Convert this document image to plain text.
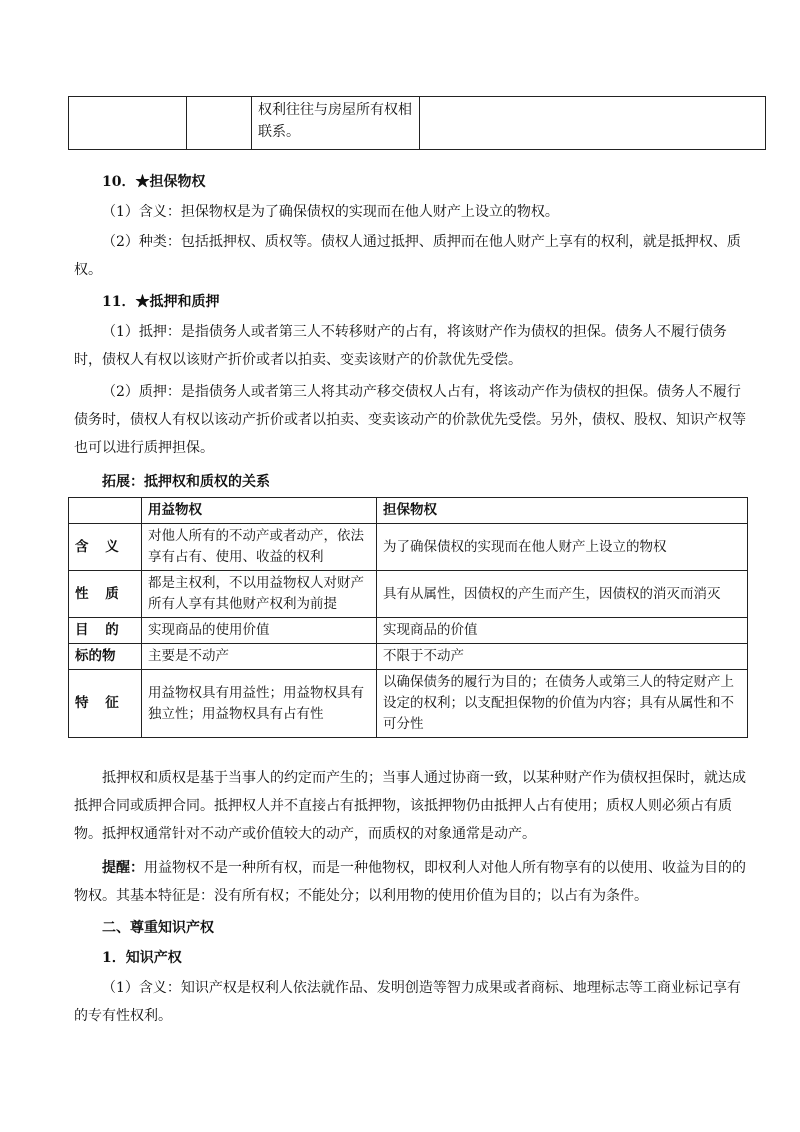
		权利往往与房屋所有权相联系。	
10．★担保物权
（1）含义：担保物权是为了确保债权的实现而在他人财产上设立的物权。
（2）种类：包括抵押权、质权等。债权人通过抵押、质押而在他人财产上享有的权利，就是抵押权、质权。
11．★抵押和质押
（1）抵押：是指债务人或者第三人不转移财产的占有，将该财产作为债权的担保。债务人不履行债务时，债权人有权以该财产折价或者以拍卖、变卖该财产的价款优先受偿。
（2）质押：是指债务人或者第三人将其动产移交债权人占有，将该动产作为债权的担保。债务人不履行债务时，债权人有权以该动产折价或者以拍卖、变卖该动产的价款优先受偿。另外，债权、股权、知识产权等也可以进行质押担保。
拓展：抵押权和质权的关系
	用益物权	担保物权
含 义	对他人所有的不动产或者动产，依法享有占有、使用、收益的权利	为了确保债权的实现而在他人财产上设立的物权
性 质	都是主权利，不以用益物权人对财产所有人享有其他财产权利为前提	具有从属性，因债权的产生而产生，因债权的消灭而消灭
目 的	实现商品的使用价值	实现商品的价值
标的物	主要是不动产	不限于不动产
特 征	用益物权具有用益性；用益物权具有独立性；用益物权具有占有性	以确保债务的履行为目的；在债务人或第三人的特定财产上设定的权利；以支配担保物的价值为内容；具有从属性和不可分性
抵押权和质权是基于当事人的约定而产生的；当事人通过协商一致，以某种财产作为债权担保时，就达成抵押合同或质押合同。抵押权人并不直接占有抵押物，该抵押物仍由抵押人占有使用；质权人则必须占有质物。抵押权通常针对不动产或价值较大的动产，而质权的对象通常是动产。
提醒：用益物权不是一种所有权，而是一种他物权，即权利人对他人所有物享有的以使用、收益为目的的物权。其基本特征是：没有所有权；不能处分；以利用物的使用价值为目的；以占有为条件。
二、尊重知识产权
1．知识产权
（1）含义：知识产权是权利人依法就作品、发明创造等智力成果或者商标、地理标志等工商业标记享有的专有性权利。
